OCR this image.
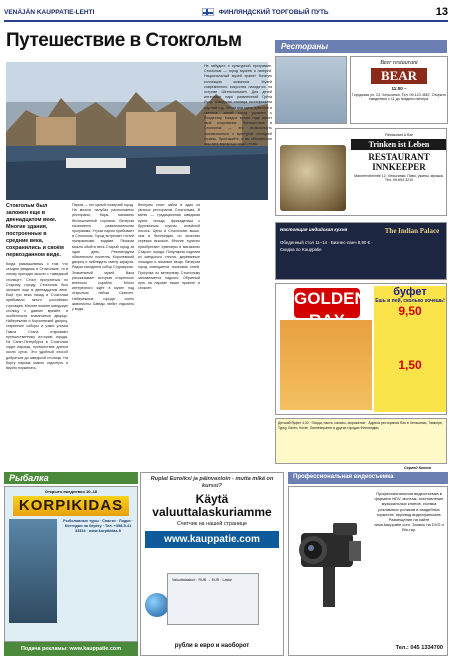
VENÄJÄN KAUPPATIE-LEHTI	ФИНЛЯНДСКИЙ ТОРГОВЫЙ ПУТЬ	13
Путешествие в Стокгольм
Стокгольм был заложен еще в двенадцатом веке. Многие здания, построенные в средние века, сохранились и своём первозданном виде.
Когда размышляешь о том, что сегодня увидишь в Стокгольме, то в голову приходят мысли о «шведской столице». Стоит прогуляться по Старому городу. Стокгольм был заложен еще в двенадцатом веке. Ещё три века назад в Стокгольм прибывало много российских торговцев. Многие помнят шведскую столицу с давних времён, в особенности знаменитые дворцы. Набережная и Королевский дворец, старинные соборы и узкие улочки Гамла Стана открывают путешественнику историю города. Из Санкт-Петербурга в Стокгольм ходят паромы, путешествие длится около суток. Это удобный способ добраться до шведской столицы. На борту парома можно отдохнуть и вкусно поужинать.
Паром — это целый плавучий город. На многих палубах расположены рестораны, бары, магазины беспошлинной торговли. Вечером начинается развлекательная программа. Утром паром прибывает в Стокгольм. Город встречает гостей прекрасными видами. Пешком можно обойти весь Старый город за один день. Рекомендуем обязательно посетить Королевский дворец и наблюдать смену караула. Рядом находится собор Стуркюркан. Знаменитый музей Васа рассказывает историю старинного военного корабля. Много интересного ждёт в музее под открытым небом Скансен. Набережные города очень живописны. Шведы любят отдыхать у воды.
Вечером стоит зайти в один из уютных ресторанов Стокгольма. В меню — традиционная шведская кухня: сельдь, фрикадельки с брусничным соусом, копчёный лосось. Цены в Стокгольме выше, чем в Финляндии, но качество сервиса высокое. Многие туристы приобретают сувениры в магазинах Старого города. Популярны изделия из шведского стекла, деревянные лошадки и вязаные вещи. Вечером город освещается тысячами огней. Прогулка по вечернему Стокгольму запоминается надолго. Обратный путь на пароме также приятен и спокоен.
Не забудьте о культурной программе. Стокгольм — город музеев и галерей. Национальный музей хранит богатую коллекцию живописи. Музей современного искусства находится на острове Шеппсхольмен. Для детей интересен парк развлечений Грёна Лунд. Шведская столица гостеприимна круглый год. Летом дни здесь длинные и светлые, зимой город украшен к Рождеству. Каждое время года имеет своё очарование. Путешествие в Стокгольм — это возможность познакомиться с культурой соседней страны. Приезжайте, и вы обязательно захотите вернуться сюда снова.
Сергей Котов
Рестораны
Beer restaurant
BEAR
11:00 –
Городская ул. 23, Хельсинки. Тел. 09-123 4567. Открыто ежедневно с 11 до позднего вечера.
Restaurant & Bar
Trinken ist Leben
RESTAURANT INNKEEPER
Mannerheimintie 12, Хельсинки. Пиво, ужины, музыка. Тел. 09-654 3210
Настоящая индийская кухня
Обеденный стол 11–14 · Бизнес-ланч 8,90 € · Скидка по Kauppatie
The Indian Palace
GOLDEN	буфет
Ешь и пей, сколько хочешь!
9,50
1,50
Детский буфет 4,00 · Пицца, паста, салаты, мороженое · Адреса ресторанов Rax в Хельсинки, Тампере, Турку, Лахти, Котке, Лаппеэнранте и других городах Финляндии.
Рыбалка
Открыто ежедневно 10–18
KORPIKIDAS
Рыболовные туры · Снасти · Лодки · Коттеджи на берегу · Тел. +358-5-41 33334 · www.korpikidas.fi
Подача рекламы: www.kauppatie.com
Ruplat Euroiksi ja päinvastoin - mutta mikä on kurssi?
Käytä valuuttalaskuriamme
Счетчик на нашей странице
www.kauppatie.com
Valuuttalaskuri · RUB → EUR · Laske
рубли в евро и наоборот
Профессиональная видеосъемка
Профессиональная видеосъемка в формате HDV, монтаж, изготовление музыкальных клипов, съемка рекламных роликов и свадебных торжеств, перевод видеофильмов. Размещение на сайте www.kauppatie.com. Запись на DVD и Blu-ray.
Тел.: 045 1334700
